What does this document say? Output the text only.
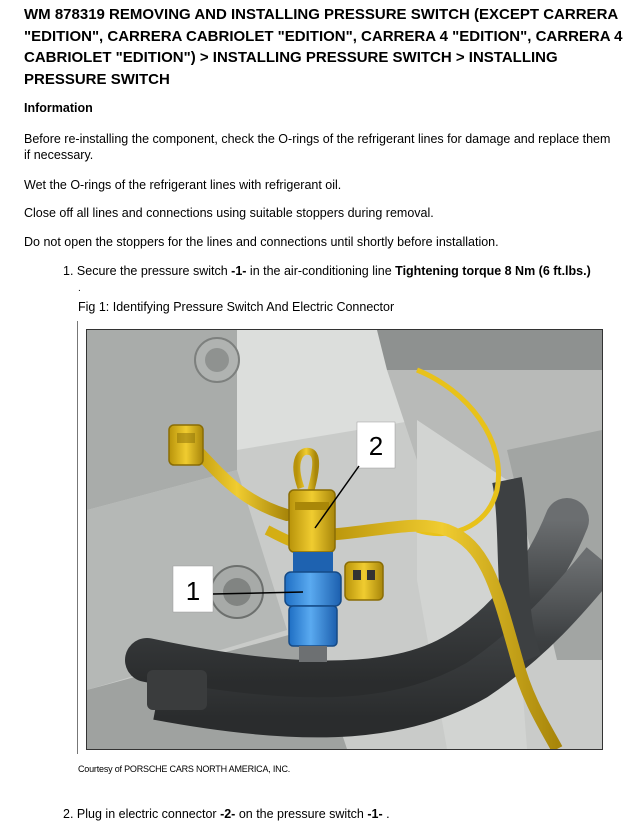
WM 878319 REMOVING AND INSTALLING PRESSURE SWITCH (EXCEPT CARRERA "EDITION", CARRERA CABRIOLET "EDITION", CARRERA 4 "EDITION", CARRERA 4 CABRIOLET "EDITION") > INSTALLING PRESSURE SWITCH > INSTALLING PRESSURE SWITCH

Information

Before re-installing the component, check the O-rings of the refrigerant lines for damage and replace them if necessary.

Wet the O-rings of the refrigerant lines with refrigerant oil.

Close off all lines and connections using suitable stoppers during removal.

Do not open the stoppers for the lines and connections until shortly before installation.

1. Secure the pressure switch -1- in the air-conditioning line Tightening torque 8 Nm (6 ft.lbs.)

.

Fig 1: Identifying Pressure Switch And Electric Connector

2
1

Courtesy of PORSCHE CARS NORTH AMERICA, INC.

2. Plug in electric connector -2- on the pressure switch -1- .
